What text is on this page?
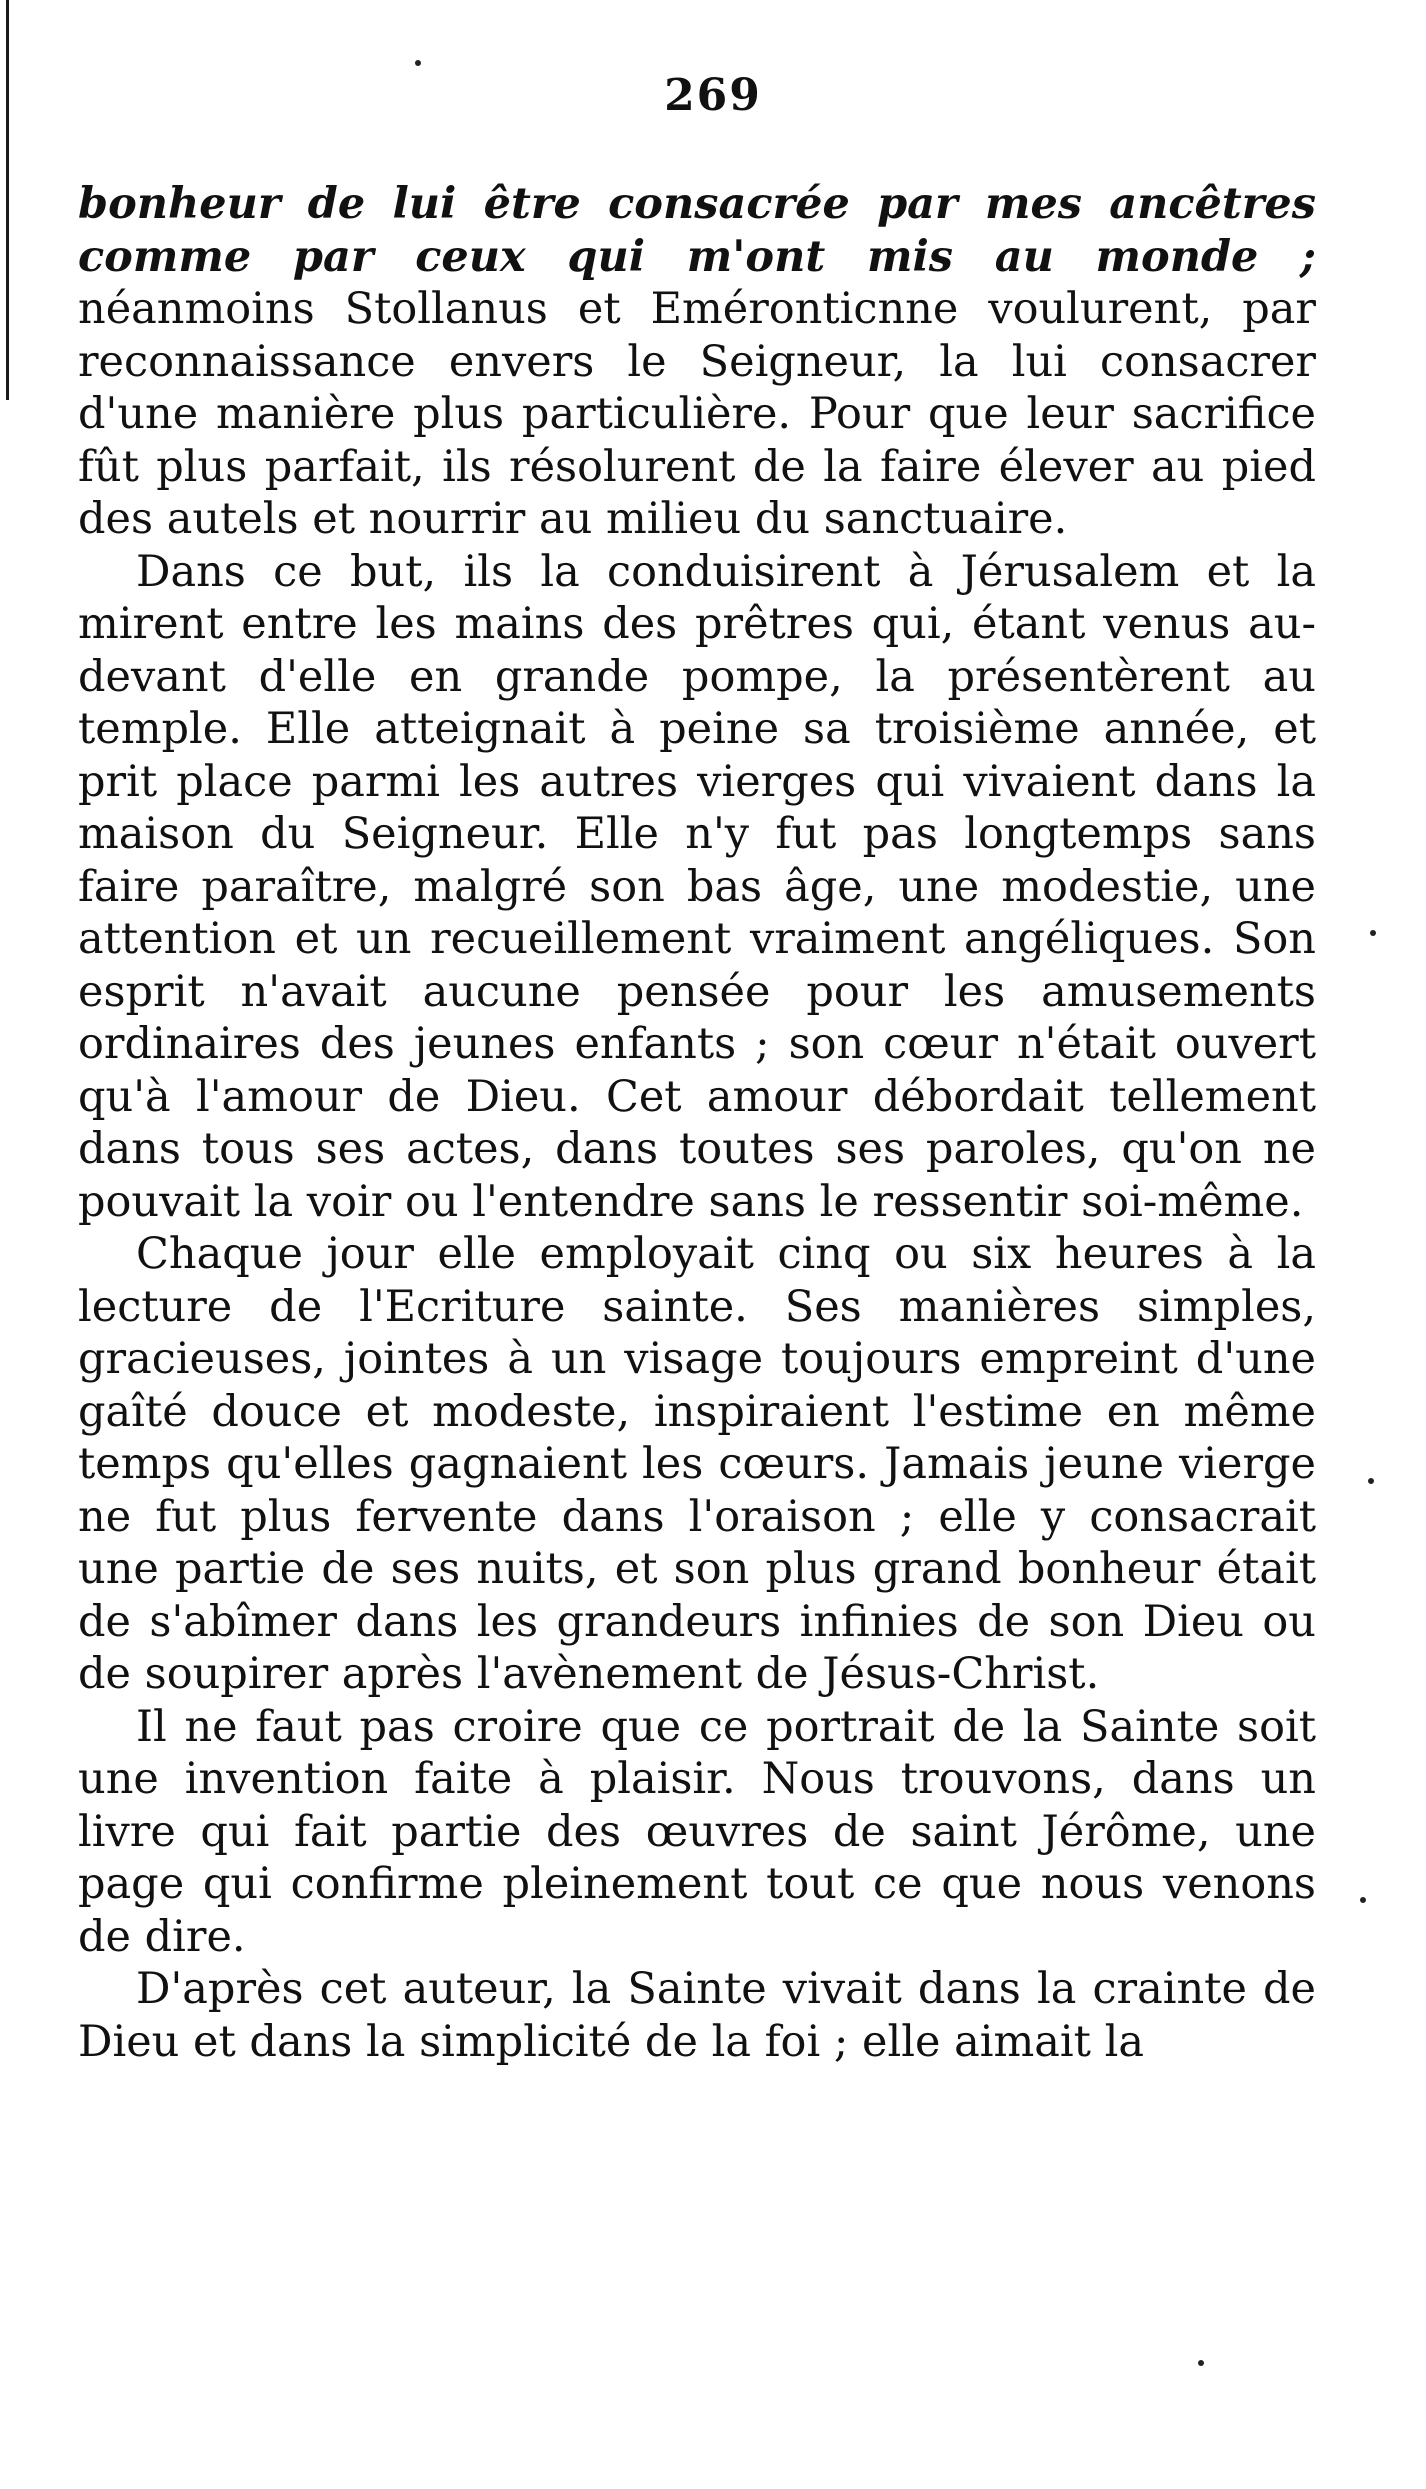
269

bonheur de lui être consacrée par mes ancêtres comme par ceux qui m'ont mis au monde ; néanmoins Stollanus et Eméronticnne voulurent, par reconnaissance envers le Seigneur, la lui consacrer d'une manière plus particulière. Pour que leur sacrifice fût plus parfait, ils résolurent de la faire élever au pied des autels et nourrir au milieu du sanctuaire.

Dans ce but, ils la conduisirent à Jérusalem et la mirent entre les mains des prêtres qui, étant venus au-devant d'elle en grande pompe, la présentèrent au temple. Elle atteignait à peine sa troisième année, et prit place parmi les autres vierges qui vivaient dans la maison du Seigneur. Elle n'y fut pas longtemps sans faire paraître, malgré son bas âge, une modestie, une attention et un recueillement vraiment angéliques. Son esprit n'avait aucune pensée pour les amusements ordinaires des jeunes enfants ; son cœur n'était ouvert qu'à l'amour de Dieu. Cet amour débordait tellement dans tous ses actes, dans toutes ses paroles, qu'on ne pouvait la voir ou l'entendre sans le ressentir soi-même.

Chaque jour elle employait cinq ou six heures à la lecture de l'Ecriture sainte. Ses manières simples, gracieuses, jointes à un visage toujours empreint d'une gaîté douce et modeste, inspiraient l'estime en même temps qu'elles gagnaient les cœurs. Jamais jeune vierge ne fut plus fervente dans l'oraison ; elle y consacrait une partie de ses nuits, et son plus grand bonheur était de s'abîmer dans les grandeurs infinies de son Dieu ou de soupirer après l'avènement de Jésus-Christ.

Il ne faut pas croire que ce portrait de la Sainte soit une invention faite à plaisir. Nous trouvons, dans un livre qui fait partie des œuvres de saint Jérôme, une page qui confirme pleinement tout ce que nous venons de dire.

D'après cet auteur, la Sainte vivait dans la crainte de Dieu et dans la simplicité de la foi ; elle aimait la
